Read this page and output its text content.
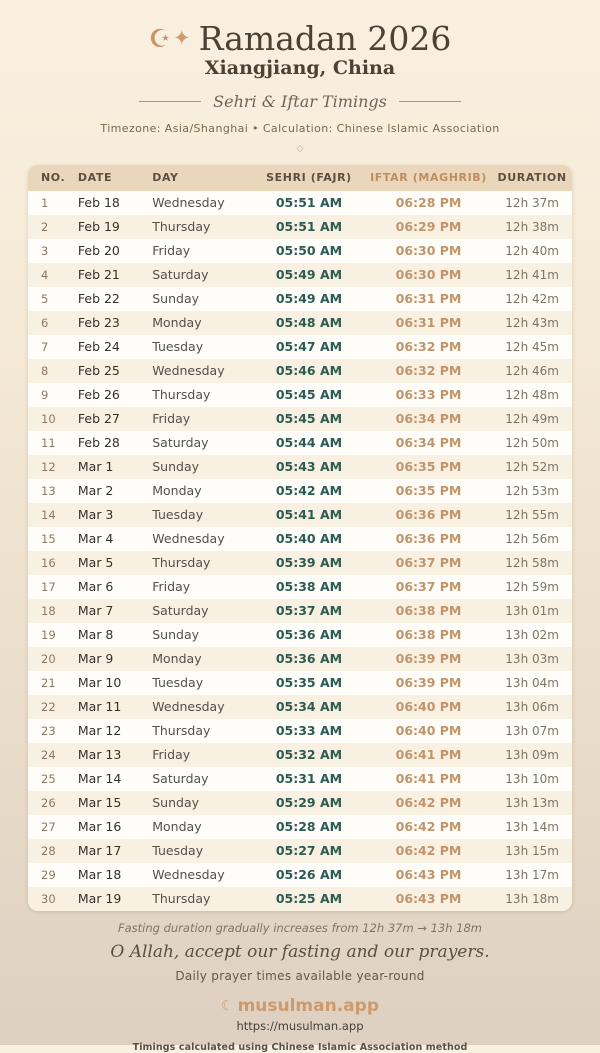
☪✦ Ramadan 2026
Xiangjiang, China
Sehri & Iftar Timings
Timezone: Asia/Shanghai • Calculation: Chinese Islamic Association
◇
NO.	DATE	DAY	SEHRI (FAJR)	IFTAR (MAGHRIB)	DURATION
1	Feb 18	Wednesday	05:51 AM	06:28 PM	12h 37m
2	Feb 19	Thursday	05:51 AM	06:29 PM	12h 38m
3	Feb 20	Friday	05:50 AM	06:30 PM	12h 40m
4	Feb 21	Saturday	05:49 AM	06:30 PM	12h 41m
5	Feb 22	Sunday	05:49 AM	06:31 PM	12h 42m
6	Feb 23	Monday	05:48 AM	06:31 PM	12h 43m
7	Feb 24	Tuesday	05:47 AM	06:32 PM	12h 45m
8	Feb 25	Wednesday	05:46 AM	06:32 PM	12h 46m
9	Feb 26	Thursday	05:45 AM	06:33 PM	12h 48m
10	Feb 27	Friday	05:45 AM	06:34 PM	12h 49m
11	Feb 28	Saturday	05:44 AM	06:34 PM	12h 50m
12	Mar 1	Sunday	05:43 AM	06:35 PM	12h 52m
13	Mar 2	Monday	05:42 AM	06:35 PM	12h 53m
14	Mar 3	Tuesday	05:41 AM	06:36 PM	12h 55m
15	Mar 4	Wednesday	05:40 AM	06:36 PM	12h 56m
16	Mar 5	Thursday	05:39 AM	06:37 PM	12h 58m
17	Mar 6	Friday	05:38 AM	06:37 PM	12h 59m
18	Mar 7	Saturday	05:37 AM	06:38 PM	13h 01m
19	Mar 8	Sunday	05:36 AM	06:38 PM	13h 02m
20	Mar 9	Monday	05:36 AM	06:39 PM	13h 03m
21	Mar 10	Tuesday	05:35 AM	06:39 PM	13h 04m
22	Mar 11	Wednesday	05:34 AM	06:40 PM	13h 06m
23	Mar 12	Thursday	05:33 AM	06:40 PM	13h 07m
24	Mar 13	Friday	05:32 AM	06:41 PM	13h 09m
25	Mar 14	Saturday	05:31 AM	06:41 PM	13h 10m
26	Mar 15	Sunday	05:29 AM	06:42 PM	13h 13m
27	Mar 16	Monday	05:28 AM	06:42 PM	13h 14m
28	Mar 17	Tuesday	05:27 AM	06:42 PM	13h 15m
29	Mar 18	Wednesday	05:26 AM	06:43 PM	13h 17m
30	Mar 19	Thursday	05:25 AM	06:43 PM	13h 18m
Fasting duration gradually increases from 12h 37m → 13h 18m
O Allah, accept our fasting and our prayers.
Daily prayer times available year-round
☾ musulman.app
https://musulman.app
Timings calculated using Chinese Islamic Association method
